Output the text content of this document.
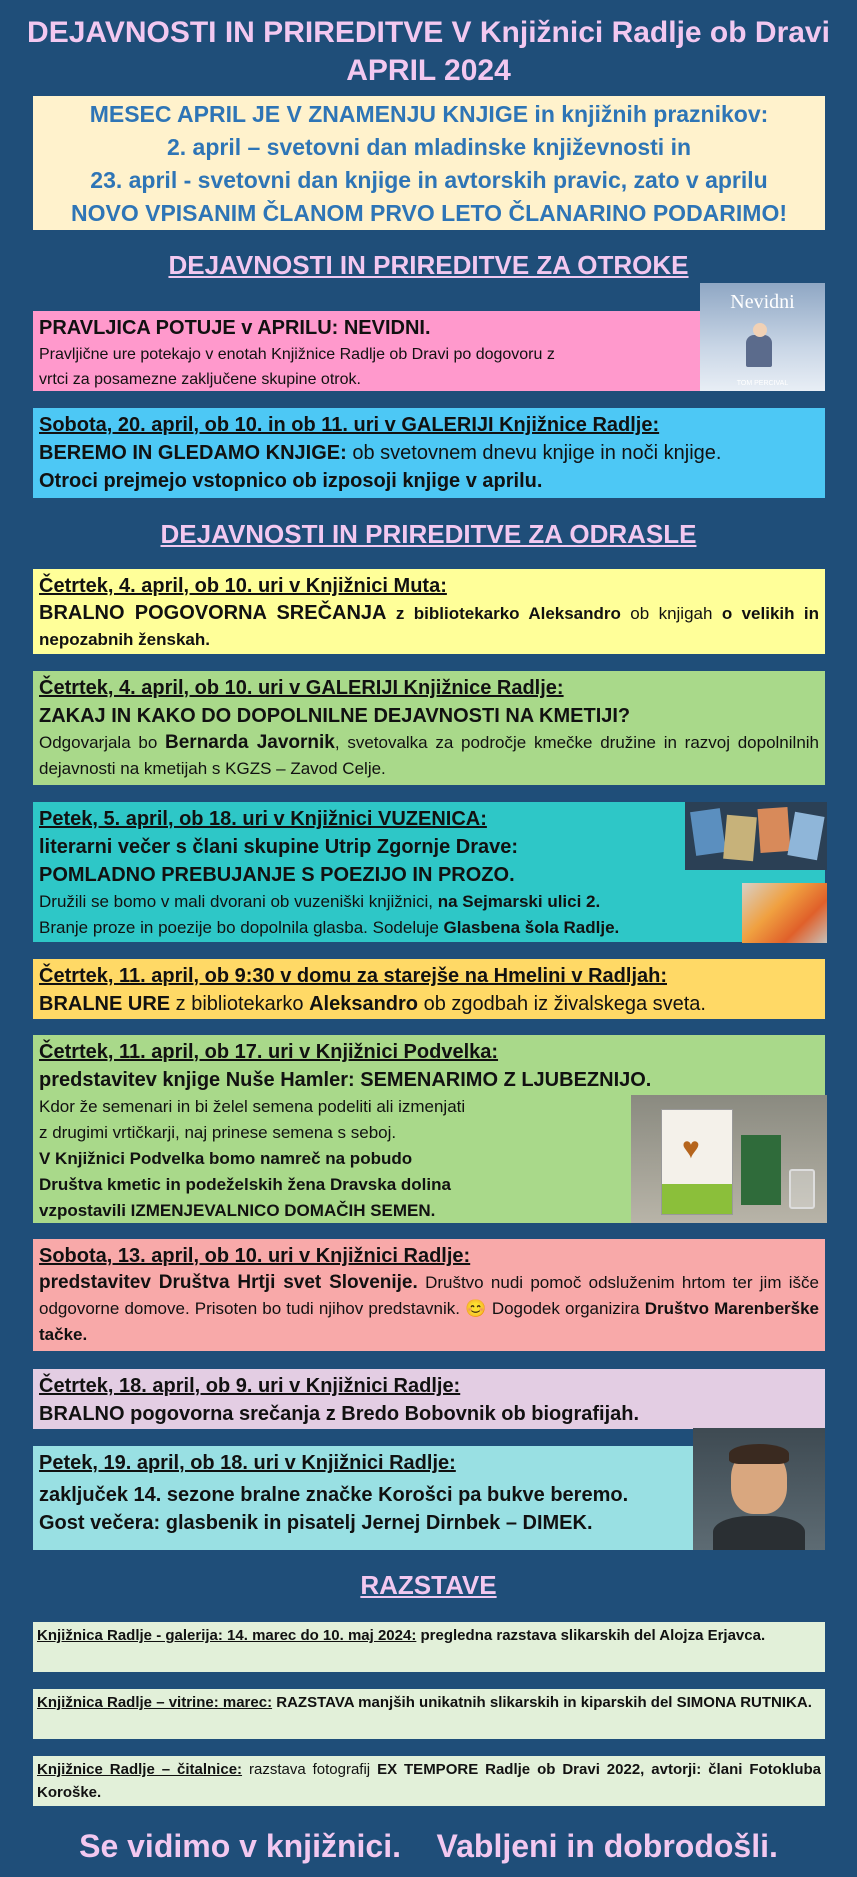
DEJAVNOSTI IN PRIREDITVE V Knjižnici Radlje ob Dravi
APRIL 2024
MESEC APRIL JE V ZNAMENJU KNJIGE in knjižnih praznikov:
2. april – svetovni dan mladinske književnosti in
23. april - svetovni dan knjige in avtorskih pravic, zato v aprilu
NOVO VPISANIM ČLANOM PRVO LETO ČLANARINO PODARIMO!
DEJAVNOSTI IN PRIREDITVE ZA OTROKE
PRAVLJICA POTUJE v APRILU: NEVIDNI.
Pravljične ure potekajo v enotah Knjižnice Radlje ob Dravi po dogovoru z
vrtci za posamezne zaključene skupine otrok.
Nevidni
TOM PERCIVAL
Sobota, 20. april, ob 10. in ob 11. uri v GALERIJI Knjižnice Radlje:
BEREMO IN GLEDAMO KNJIGE: ob svetovnem dnevu knjige in noči knjige.
Otroci prejmejo vstopnico ob izposoji knjige v aprilu.
DEJAVNOSTI IN PRIREDITVE ZA ODRASLE
Četrtek, 4. april, ob 10. uri v Knjižnici Muta:
BRALNO POGOVORNA SREČANJA z bibliotekarko Aleksandro ob knjigah o velikih in nepozabnih ženskah.
Četrtek, 4. april, ob 10. uri v GALERIJI Knjižnice Radlje:
ZAKAJ IN KAKO DO DOPOLNILNE DEJAVNOSTI NA KMETIJI?
Odgovarjala bo Bernarda Javornik, svetovalka za področje kmečke družine in razvoj dopolnilnih dejavnosti na kmetijah s KGZS – Zavod Celje.
Petek, 5. april, ob 18. uri v Knjižnici VUZENICA:
literarni večer s člani skupine Utrip Zgornje Drave:
POMLADNO PREBUJANJE S POEZIJO IN PROZO.
Družili se bomo v mali dvorani ob vuzeniški knjižnici, na Sejmarski ulici 2.
Branje proze in poezije bo dopolnila glasba. Sodeluje Glasbena šola Radlje.
Četrtek, 11. april, ob 9:30 v domu za starejše na Hmelini v Radljah:
BRALNE URE z bibliotekarko Aleksandro ob zgodbah iz živalskega sveta.
Četrtek, 11. april, ob 17. uri v Knjižnici Podvelka:
predstavitev knjige Nuše Hamler: SEMENARIMO Z LJUBEZNIJO.
Kdor že semenari in bi želel semena podeliti ali izmenjati
z drugimi vrtičkarji, naj prinese semena s seboj.
V Knjižnici Podvelka bomo namreč na pobudo
Društva kmetic in podeželskih žena Dravska dolina
vzpostavili IZMENJEVALNICO DOMAČIH SEMEN.
♥
Sobota, 13. april, ob 10. uri v Knjižnici Radlje:
predstavitev Društva Hrtji svet Slovenije. Društvo nudi pomoč odsluženim hrtom ter jim išče odgovorne domove. Prisoten bo tudi njihov predstavnik. 😊 Dogodek organizira Društvo Marenberške tačke.
Četrtek, 18. april, ob 9. uri v Knjižnici Radlje:
BRALNO pogovorna srečanja z Bredo Bobovnik ob biografijah.
Petek, 19. april, ob 18. uri v Knjižnici Radlje:
zaključek 14. sezone bralne značke Korošci pa bukve beremo.
Gost večera: glasbenik in pisatelj Jernej Dirnbek – DIMEK.
RAZSTAVE
Knjižnica Radlje - galerija: 14. marec do 10. maj 2024: pregledna razstava slikarskih del Alojza Erjavca.
Knjižnica Radlje – vitrine: marec: RAZSTAVA manjših unikatnih slikarskih in kiparskih del SIMONA RUTNIKA.
Knjižnice Radlje – čitalnice: razstava fotografij EX TEMPORE Radlje ob Dravi 2022, avtorji: člani Fotokluba Koroške.
Se vidimo v knjižnici. Vabljeni in dobrodošli.
